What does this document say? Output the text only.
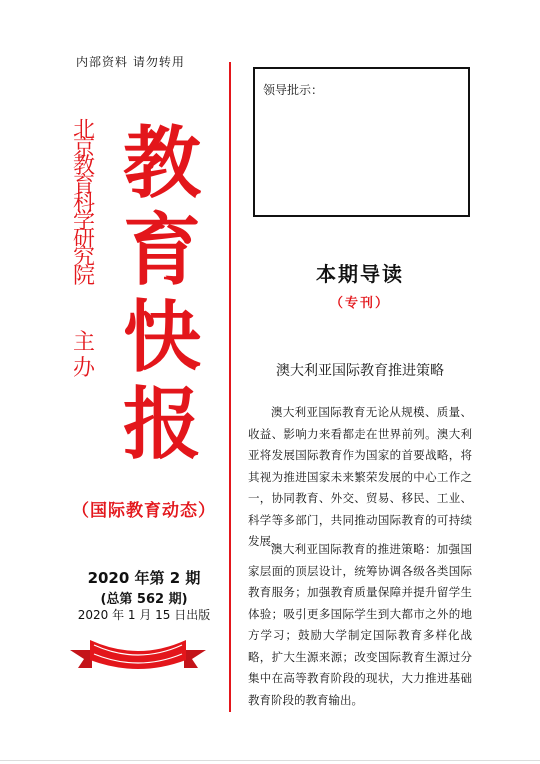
内部资料 请勿转用
北京教育科学研究院
主办
教育快报
（国际教育动态）
2020 年第 2 期
(总第 562 期)
2020 年 1 月 15 日出版
领导批示：
本期导读
（专刊）
澳大利亚国际教育推进策略

澳大利亚国际教育无论从规模、质量、收益、影响力来看都走在世界前列。澳大利亚将发展国际教育作为国家的首要战略，将其视为推进国家未来繁荣发展的中心工作之一，协同教育、外交、贸易、移民、工业、科学等多部门，共同推动国际教育的可持续发展。

澳大利亚国际教育的推进策略：加强国家层面的顶层设计，统筹协调各级各类国际教育服务；加强教育质量保障并提升留学生体验；吸引更多国际学生到大都市之外的地方学习；鼓励大学制定国际教育多样化战略，扩大生源来源；改变国际教育生源过分集中在高等教育阶段的现状，大力推进基础教育阶段的教育输出。
